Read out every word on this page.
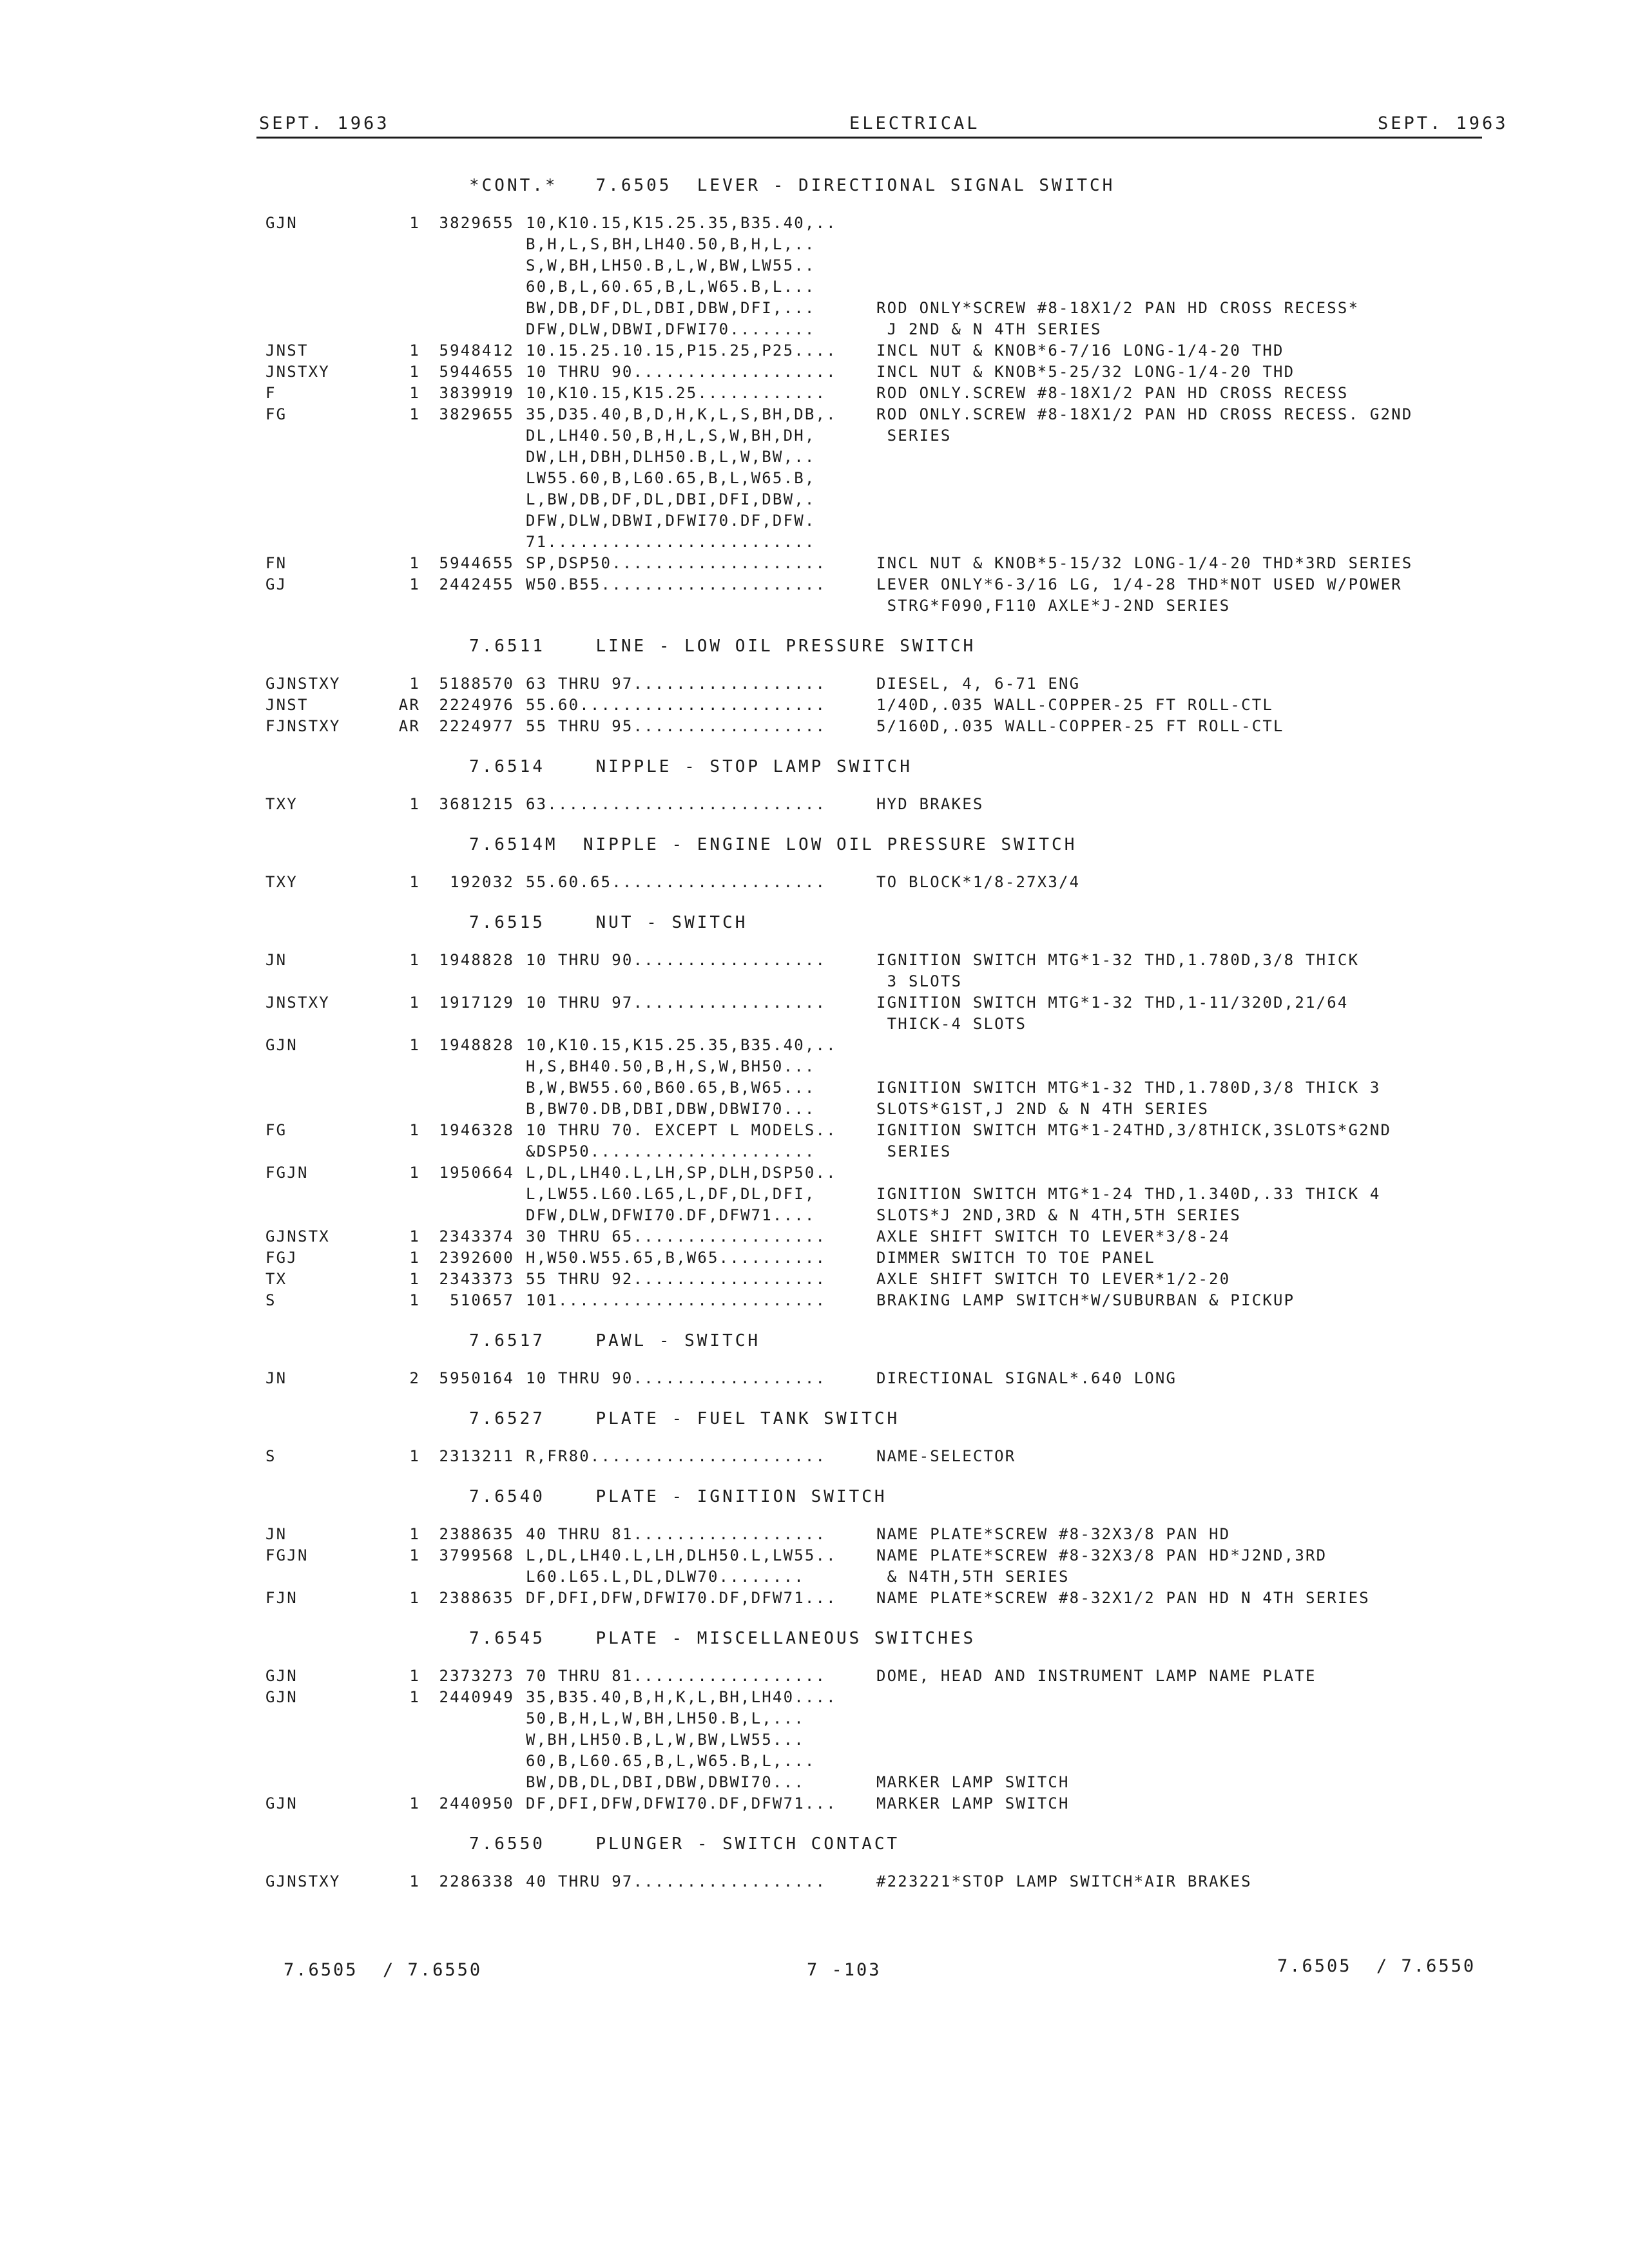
SEPT. 1963	ELECTRICAL	SEPT. 1963
*CONT.*   7.6505  LEVER - DIRECTIONAL SIGNAL SWITCH
GJN	1	3829655 10,K10.15,K15.25.35,B35.40,..
B,H,L,S,BH,LH40.50,B,H,L,..
S,W,BH,LH50.B,L,W,BW,LW55..
60,B,L,60.65,B,L,W65.B,L...
BW,DB,DF,DL,DBI,DBW,DFI,...	ROD ONLY*SCREW #8-18X1/2 PAN HD CROSS RECESS*
DFW,DLW,DBWI,DFWI70........	J 2ND & N 4TH SERIES
JNST	1	5948412 10.15.25.10.15,P15.25,P25....	INCL NUT & KNOB*6-7/16 LONG-1/4-20 THD
JNSTXY	1	5944655 10 THRU 90...................	INCL NUT & KNOB*5-25/32 LONG-1/4-20 THD
F	1	3839919 10,K10.15,K15.25............	ROD ONLY.SCREW #8-18X1/2 PAN HD CROSS RECESS
FG	1	3829655 35,D35.40,B,D,H,K,L,S,BH,DB,.	ROD ONLY.SCREW #8-18X1/2 PAN HD CROSS RECESS. G2ND
DL,LH40.50,B,H,L,S,W,BH,DH,	SERIES
DW,LH,DBH,DLH50.B,L,W,BW,..
LW55.60,B,L60.65,B,L,W65.B,
L,BW,DB,DF,DL,DBI,DFI,DBW,.
DFW,DLW,DBWI,DFWI70.DF,DFW.
71.........................
FN	1	5944655 SP,DSP50....................	INCL NUT & KNOB*5-15/32 LONG-1/4-20 THD*3RD SERIES
GJ	1	2442455 W50.B55.....................	LEVER ONLY*6-3/16 LG, 1/4-28 THD*NOT USED W/POWER
STRG*F090,F110 AXLE*J-2ND SERIES
7.6511    LINE - LOW OIL PRESSURE SWITCH
GJNSTXY	1	5188570 63 THRU 97..................	DIESEL, 4, 6-71 ENG
JNST	AR	2224976 55.60.......................	1/40D,.035 WALL-COPPER-25 FT ROLL-CTL
FJNSTXY	AR	2224977 55 THRU 95..................	5/160D,.035 WALL-COPPER-25 FT ROLL-CTL
7.6514    NIPPLE - STOP LAMP SWITCH
TXY	1	3681215 63..........................	HYD BRAKES
7.6514M  NIPPLE - ENGINE LOW OIL PRESSURE SWITCH
TXY	1	192032 55.60.65....................	TO BLOCK*1/8-27X3/4
7.6515    NUT - SWITCH
JN	1	1948828 10 THRU 90..................	IGNITION SWITCH MTG*1-32 THD,1.780D,3/8 THICK
3 SLOTS
JNSTXY	1	1917129 10 THRU 97..................	IGNITION SWITCH MTG*1-32 THD,1-11/320D,21/64
THICK-4 SLOTS
GJN	1	1948828 10,K10.15,K15.25.35,B35.40,..
H,S,BH40.50,B,H,S,W,BH50...
B,W,BW55.60,B60.65,B,W65...	IGNITION SWITCH MTG*1-32 THD,1.780D,3/8 THICK 3
B,BW70.DB,DBI,DBW,DBWI70...	SLOTS*G1ST,J 2ND & N 4TH SERIES
FG	1	1946328 10 THRU 70. EXCEPT L MODELS..	IGNITION SWITCH MTG*1-24THD,3/8THICK,3SLOTS*G2ND
&DSP50.....................	SERIES
FGJN	1	1950664 L,DL,LH40.L,LH,SP,DLH,DSP50..
L,LW55.L60.L65,L,DF,DL,DFI,	IGNITION SWITCH MTG*1-24 THD,1.340D,.33 THICK 4
DFW,DLW,DFWI70.DF,DFW71....	SLOTS*J 2ND,3RD & N 4TH,5TH SERIES
GJNSTX	1	2343374 30 THRU 65..................	AXLE SHIFT SWITCH TO LEVER*3/8-24
FGJ	1	2392600 H,W50.W55.65,B,W65..........	DIMMER SWITCH TO TOE PANEL
TX	1	2343373 55 THRU 92..................	AXLE SHIFT SWITCH TO LEVER*1/2-20
S	1	510657 101.........................	BRAKING LAMP SWITCH*W/SUBURBAN & PICKUP
7.6517    PAWL - SWITCH
JN	2	5950164 10 THRU 90..................	DIRECTIONAL SIGNAL*.640 LONG
7.6527    PLATE - FUEL TANK SWITCH
S	1	2313211 R,FR80......................	NAME-SELECTOR
7.6540    PLATE - IGNITION SWITCH
JN	1	2388635 40 THRU 81..................	NAME PLATE*SCREW #8-32X3/8 PAN HD
FGJN	1	3799568 L,DL,LH40.L,LH,DLH50.L,LW55..	NAME PLATE*SCREW #8-32X3/8 PAN HD*J2ND,3RD
L60.L65.L,DL,DLW70........	& N4TH,5TH SERIES
FJN	1	2388635 DF,DFI,DFW,DFWI70.DF,DFW71...	NAME PLATE*SCREW #8-32X1/2 PAN HD N 4TH SERIES
7.6545    PLATE - MISCELLANEOUS SWITCHES
GJN	1	2373273 70 THRU 81..................	DOME, HEAD AND INSTRUMENT LAMP NAME PLATE
GJN	1	2440949 35,B35.40,B,H,K,L,BH,LH40....
50,B,H,L,W,BH,LH50.B,L,...
W,BH,LH50.B,L,W,BW,LW55...
60,B,L60.65,B,L,W65.B,L,...
BW,DB,DL,DBI,DBW,DBWI70...	MARKER LAMP SWITCH
GJN	1	2440950 DF,DFI,DFW,DFWI70.DF,DFW71...	MARKER LAMP SWITCH
7.6550    PLUNGER - SWITCH CONTACT
GJNSTXY	1	2286338 40 THRU 97..................	#223221*STOP LAMP SWITCH*AIR BRAKES
7.6505  / 7.6550	7 -103	7.6505  / 7.6550
